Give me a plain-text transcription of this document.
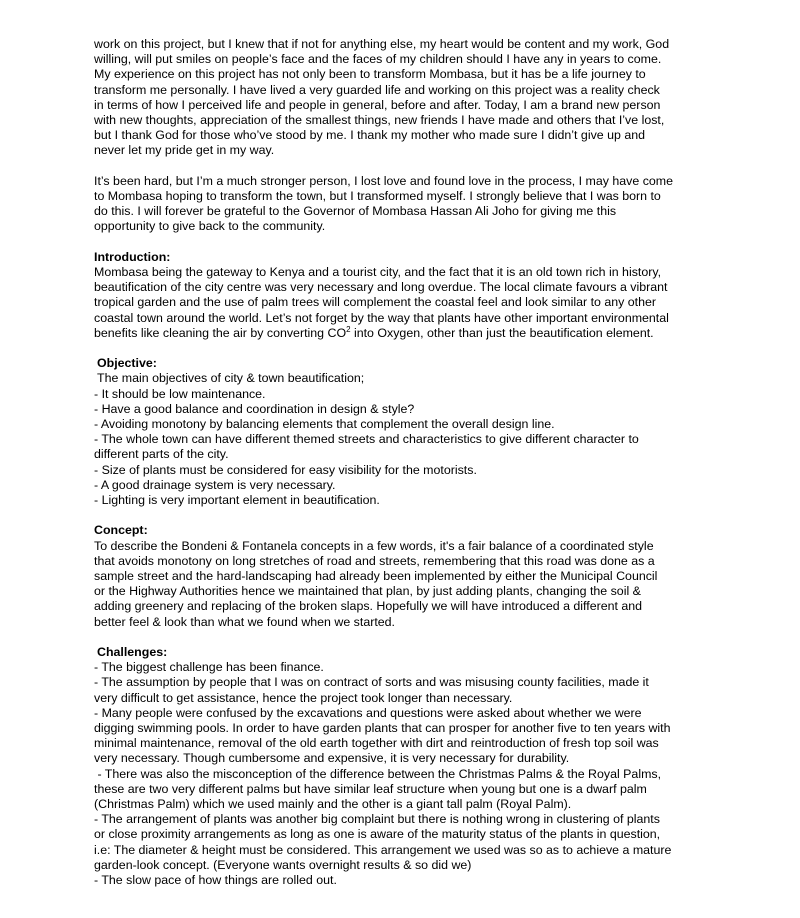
work on this project, but I knew that if not for anything else, my heart would be content and my work, God

willing, will put smiles on people’s face and the faces of my children should I have any in years to come.

My experience on this project has not only been to transform Mombasa, but it has be a life journey to

transform me personally. I have lived a very guarded life and working on this project was a reality check

in terms of how I perceived life and people in general, before and after. Today, I am a brand new person

with new thoughts, appreciation of the smallest things, new friends I have made and others that I’ve lost,

but I thank God for those who’ve stood by me. I thank my mother who made sure I didn’t give up and

never let my pride get in my way.

It’s been hard, but I’m a much stronger person, I lost love and found love in the process, I may have come

to Mombasa hoping to transform the town, but I transformed myself. I strongly believe that I was born to

do this. I will forever be grateful to the Governor of Mombasa Hassan Ali Joho for giving me this

opportunity to give back to the community.

Introduction:

Mombasa being the gateway to Kenya and a tourist city, and the fact that it is an old town rich in history,

beautification of the city centre was very necessary and long overdue. The local climate favours a vibrant

tropical garden and the use of palm trees will complement the coastal feel and look similar to any other

coastal town around the world. Let’s not forget by the way that plants have other important environmental

benefits like cleaning the air by converting $CO^2$ into Oxygen, other than just the beautification element.

Objective:

The main objectives of city & town beautification;

- It should be low maintenance.

- Have a good balance and coordination in design & style?

- Avoiding monotony by balancing elements that complement the overall design line.

- The whole town can have different themed streets and characteristics to give different character to

different parts of the city.

- Size of plants must be considered for easy visibility for the motorists.

- A good drainage system is very necessary.

- Lighting is very important element in beautification.

Concept:

To describe the Bondeni & Fontanela concepts in a few words, it's a fair balance of a coordinated style

that avoids monotony on long stretches of road and streets, remembering that this road was done as a

sample street and the hard-landscaping had already been implemented by either the Municipal Council

or the Highway Authorities hence we maintained that plan, by just adding plants, changing the soil &

adding greenery and replacing of the broken slaps. Hopefully we will have introduced a different and

better feel & look than what we found when we started.

Challenges:

- The biggest challenge has been finance.

- The assumption by people that I was on contract of sorts and was misusing county facilities, made it

very difficult to get assistance, hence the project took longer than necessary.

- Many people were confused by the excavations and questions were asked about whether we were

digging swimming pools. In order to have garden plants that can prosper for another five to ten years with

minimal maintenance, removal of the old earth together with dirt and reintroduction of fresh top soil was

very necessary. Though cumbersome and expensive, it is very necessary for durability.

- There was also the misconception of the difference between the Christmas Palms & the Royal Palms,

these are two very different palms but have similar leaf structure when young but one is a dwarf palm

(Christmas Palm) which we used mainly and the other is a giant tall palm (Royal Palm).

- The arrangement of plants was another big complaint but there is nothing wrong in clustering of plants

or close proximity arrangements as long as one is aware of the maturity status of the plants in question,

i.e: The diameter & height must be considered. This arrangement we used was so as to achieve a mature

garden-look concept. (Everyone wants overnight results & so did we)

- The slow pace of how things are rolled out.
